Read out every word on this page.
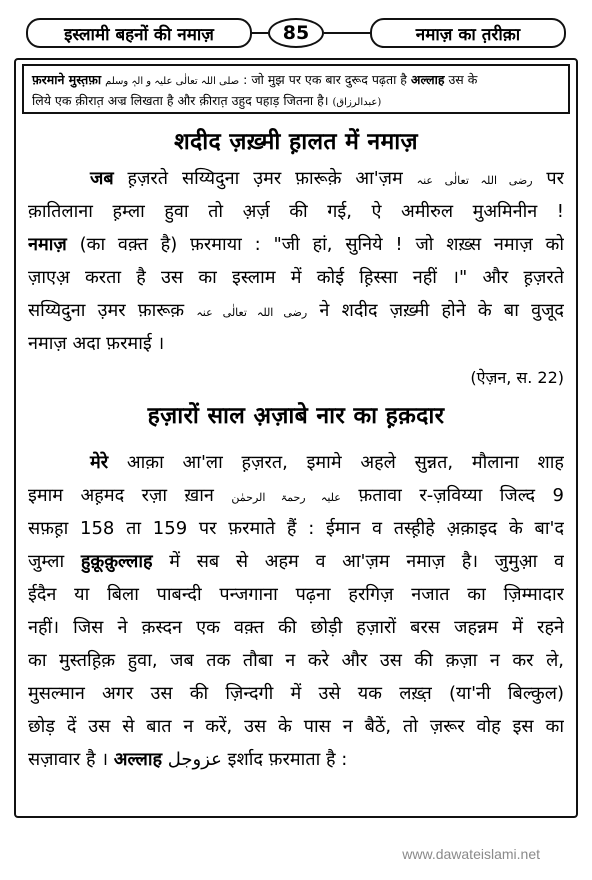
इस्लामी बहनों की नमाज़	85	नमाज़ का त़रीक़ा
फ़रमाने मुस्त़फ़ा صلی اللہ تعالٰی علیہ و الہٖ وسلم : जो मुझ पर एक बार दुरूद पढ़ता है अल्लाह उस के
लिये एक क़ीरात़ अज्र लिखता है और क़ीरात़ उहुद पहाड़ जितना है। (عبدالرزاق)
शदीद ज़ख़्मी ह़ालत में नमाज़
जब ह़ज़रते सय्यिदुना उ़मर फ़ारूक़े आ'ज़म رضی اللہ تعالٰی عنہ पर
क़ातिलाना ह़म्ला हुवा तो अ़र्ज़ की गई, ऐ अमीरुल मुअमिनीन !
नमाज़ (का वक़्त है) फ़रमाया : "जी हां, सुनिये ! जो शख़्स नमाज़ को
ज़ाएअ़ करता है उस का इस्लाम में कोई ह़िस्सा नहीं ।" और ह़ज़रते
सय्यिदुना उ़मर फ़ारूक़ رضی اللہ تعالٰی عنہ ने शदीद ज़ख़्मी होने के बा वुजूद
नमाज़ अदा फ़रमाई ।
(ऐज़न, स. 22)
हज़ारों साल अ़ज़ाबे नार का ह़क़दार
मेरे आक़ा आ'ला ह़ज़रत, इमामे अहले सुन्नत, मौलाना शाह
इमाम अह़मद रज़ा ख़ान علیہ رحمۃ الرحمٰن फ़तावा र-ज़विय्या जिल्द 9
सफ़ह़ा 158 ता 159 पर फ़रमाते हैं : ईमान व तस्ह़ीहे अ़क़ाइद के बा'द
जुम्ला हुक़ूक़ुल्लाह में सब से अहम व आ'ज़म नमाज़ है। जुमुआ़ व
ईदैन या बिला पाबन्दी पन्जगाना पढ़ना हरगिज़ नजात का ज़िम्मादार
नहीं। जिस ने क़स्दन एक वक़्त की छोड़ी हज़ारों बरस जहन्नम में रहने
का मुस्तह़िक़ हुवा, जब तक तौबा न करे और उस की क़ज़ा न कर ले,
मुसल्मान अगर उस की ज़िन्दगी में उसे यक लख़्त़ (या'नी बिल्कुल)
छोड़ दें उस से बात न करें, उस के पास न बैठें, तो ज़रूर वोह इस का
सज़ावार है । अल्लाह عزوجل इर्शाद फ़रमाता है :
www.dawateislami.net
